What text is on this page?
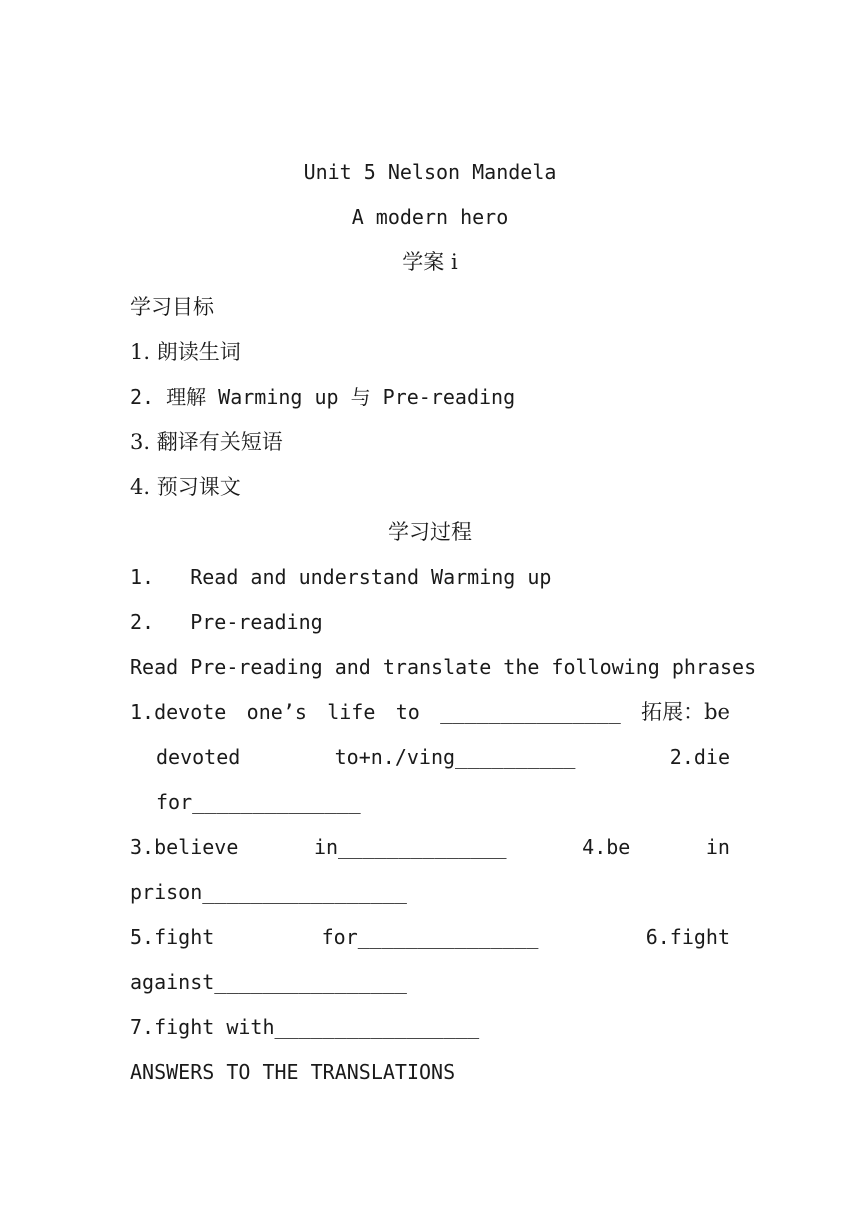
Unit 5 Nelson Mandela
A modern hero
学案 i
学习目标
1. 朗读生词
2. 理解 Warming up 与 Pre-reading
3. 翻译有关短语
4. 预习课文
学习过程
1.   Read and understand Warming up
2.   Pre-reading
Read Pre-reading and translate the following phrases
1.devote one’s life to _______________ 拓展：be
devoted	to+n./ving__________	2.die
for______________
3.believe	in______________	4.be	in
prison_________________
5.fight	for_______________	6.fight
against________________
7.fight with_________________
ANSWERS TO THE TRANSLATIONS
